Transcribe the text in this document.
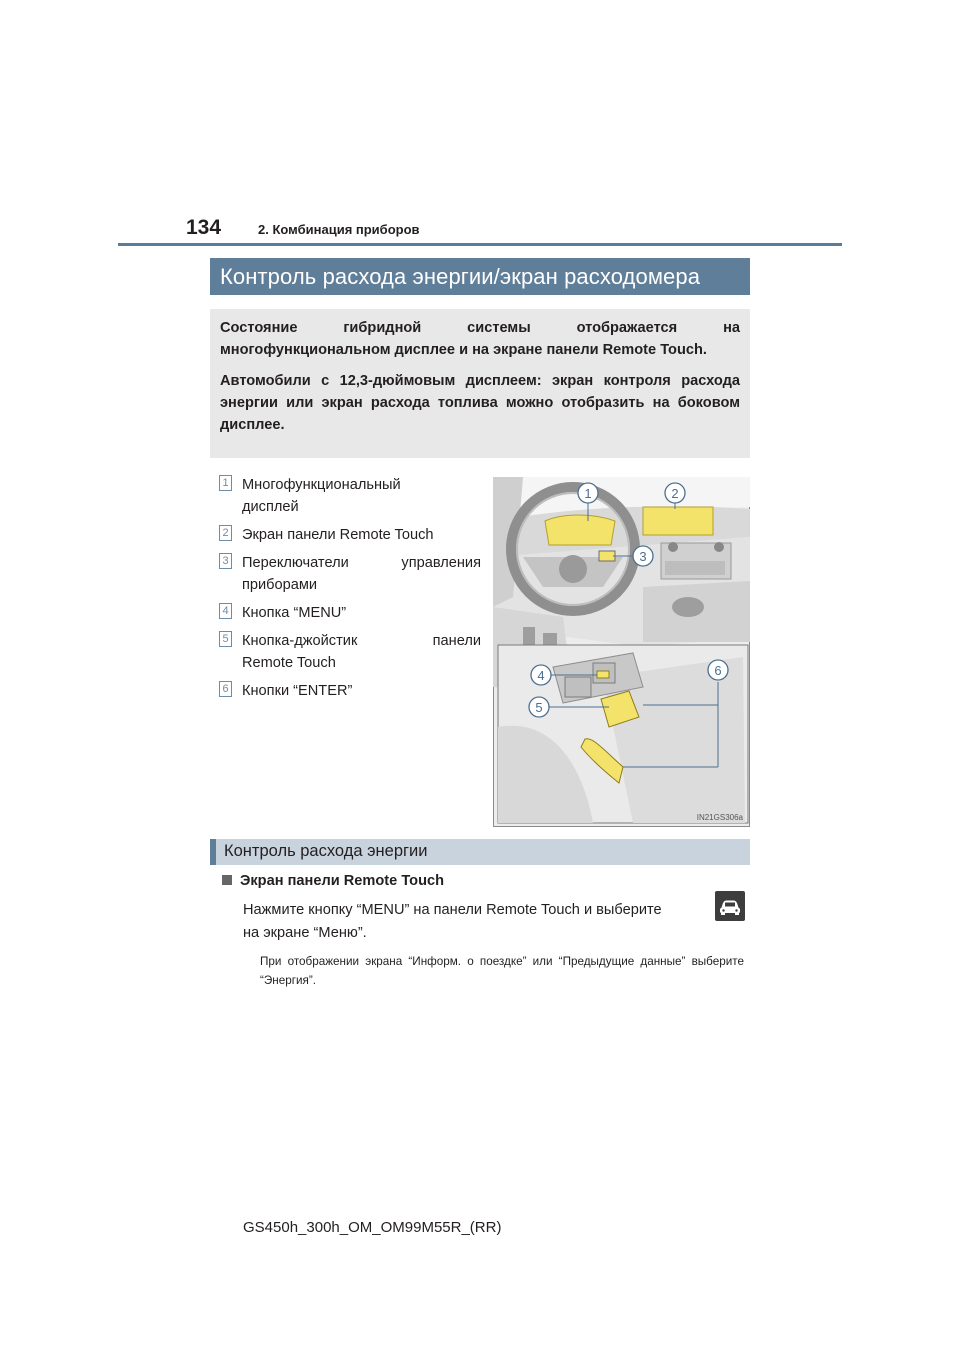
134	2. Комбинация приборов
Контроль расхода энергии/экран расходомера

Состояние гибридной системы отображается на многофункциональном дисплее и на экране панели Remote Touch.

Автомобили с 12,3-дюймовым дисплеем: экран контроля расхода энергии или экран расхода топлива можно отобразить на боковом дисплее.

1 Многофункциональный
дисплей
2 Экран панели Remote Touch
3 Переключатели	управления
приборами
4 Кнопка “MENU”
5 Кнопка-джойстик	панели
Remote Touch
6 Кнопки “ENTER”
1	2
3
4
5
6
IN21GS306a
Контроль расхода энергии
Экран панели Remote Touch
Нажмите кнопку “MENU” на панели Remote Touch и выберите
на экране “Меню”.
При отображении экрана “Информ. о поездке” или “Предыдущие данные” выберите “Энергия”.
GS450h_300h_OM_OM99M55R_(RR)
